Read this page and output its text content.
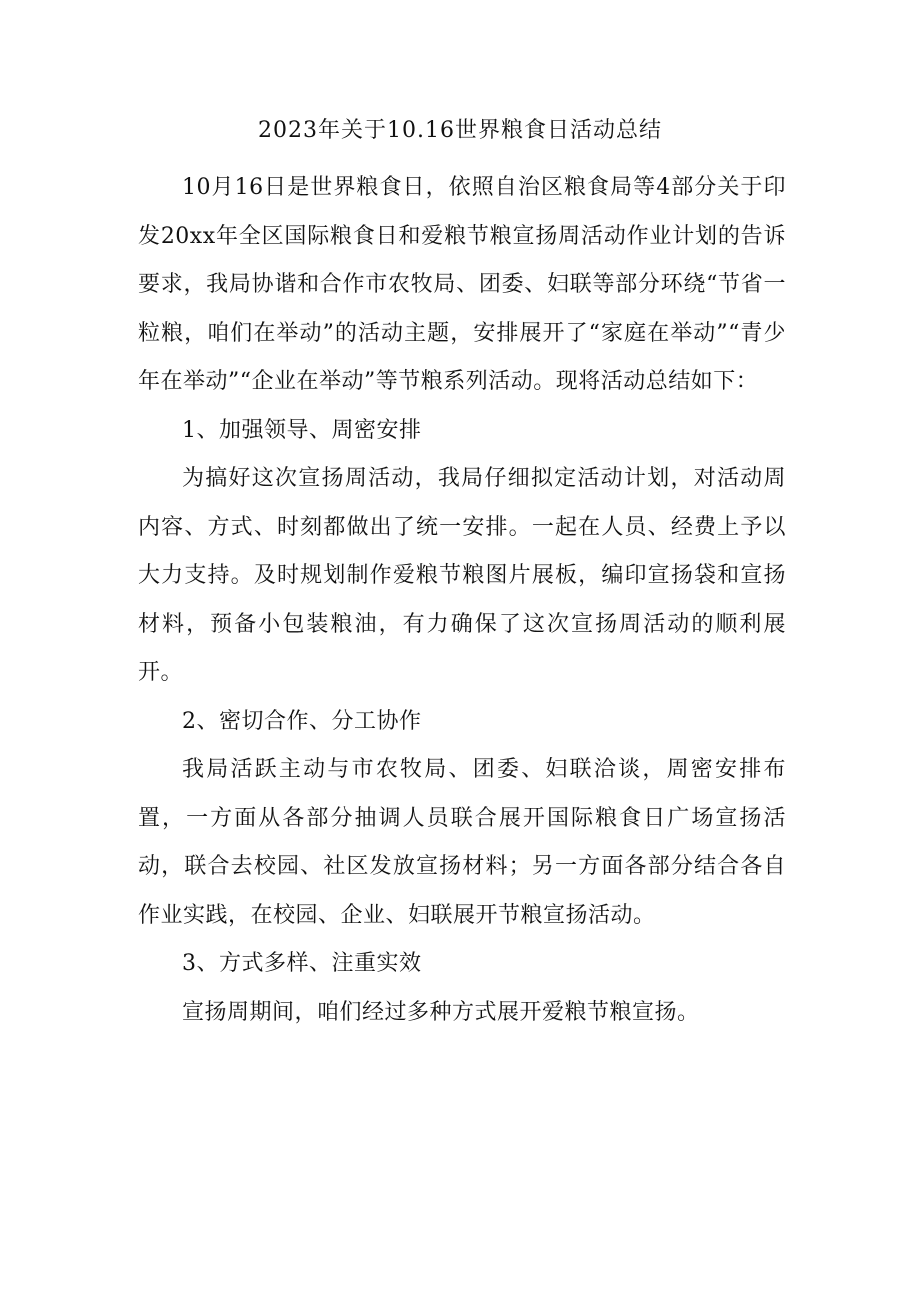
2023年关于10.16世界粮食日活动总结

10月16日是世界粮食日，依照自治区粮食局等4部分关于印发20xx年全区国际粮食日和爱粮节粮宣扬周活动作业计划的告诉要求，我局协谐和合作市农牧局、团委、妇联等部分环绕“节省一粒粮，咱们在举动”的活动主题，安排展开了“家庭在举动”“青少年在举动”“企业在举动”等节粮系列活动。现将活动总结如下：

1、加强领导、周密安排

为搞好这次宣扬周活动，我局仔细拟定活动计划，对活动周内容、方式、时刻都做出了统一安排。一起在人员、经费上予以大力支持。及时规划制作爱粮节粮图片展板，编印宣扬袋和宣扬材料，预备小包装粮油，有力确保了这次宣扬周活动的顺利展开。

2、密切合作、分工协作

我局活跃主动与市农牧局、团委、妇联洽谈，周密安排布置，一方面从各部分抽调人员联合展开国际粮食日广场宣扬活动，联合去校园、社区发放宣扬材料；另一方面各部分结合各自作业实践，在校园、企业、妇联展开节粮宣扬活动。

3、方式多样、注重实效

宣扬周期间，咱们经过多种方式展开爱粮节粮宣扬。
